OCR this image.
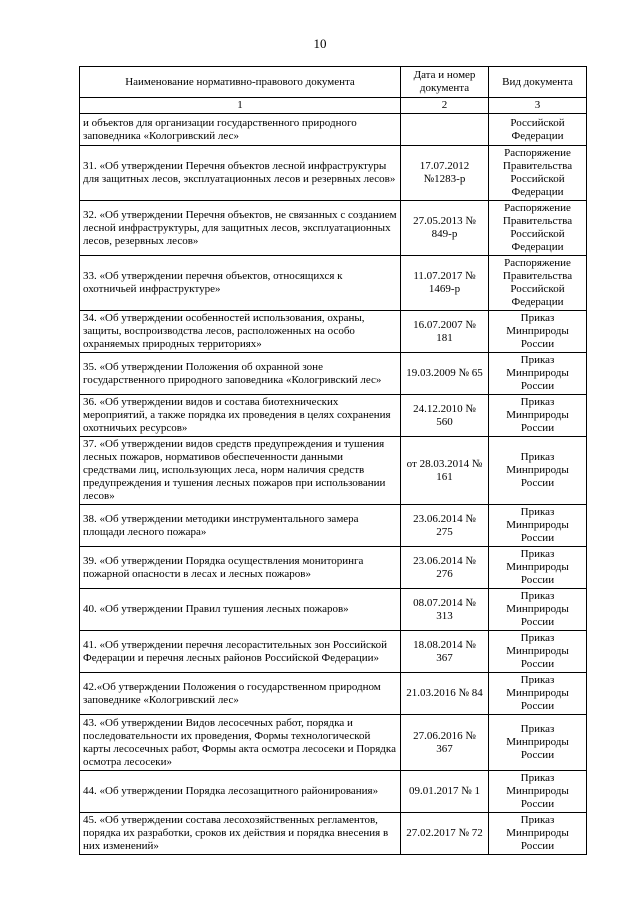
10
Наименование нормативно-правового документа	Дата и номер документа	Вид документа
1	2	3
и объектов для организации государственного природного заповедника «Кологривский лес»		Российской Федерации
31. «Об утверждении Перечня объектов лесной инфраструктуры для защитных лесов, эксплуатационных лесов и резервных лесов»	17.07.2012 №1283-р	Распоряжение Правительства Российской Федерации
32. «Об утверждении Перечня объектов, не связанных с созданием лесной инфраструктуры, для защитных лесов, эксплуатационных лесов, резервных лесов»	27.05.2013 № 849-р	Распоряжение Правительства Российской Федерации
33. «Об утверждении перечня объектов, относящихся к охотничьей инфраструктуре»	11.07.2017 № 1469-р	Распоряжение Правительства Российской Федерации
34. «Об утверждении особенностей использования, охраны, защиты, воспроизводства лесов, расположенных на особо охраняемых природных территориях»	16.07.2007 № 181	Приказ Минприроды России
35. «Об утверждении Положения об охранной зоне государственного природного заповедника «Кологривский лес»	19.03.2009 № 65	Приказ Минприроды России
36. «Об утверждении видов и состава биотехнических мероприятий, а также порядка их проведения в целях сохранения охотничьих ресурсов»	24.12.2010 № 560	Приказ Минприроды России
37. «Об утверждении видов средств предупреждения и тушения лесных пожаров, нормативов обеспеченности данными средствами лиц, использующих леса, норм наличия средств предупреждения и тушения лесных пожаров при использовании лесов»	от 28.03.2014 № 161	Приказ Минприроды России
38. «Об утверждении методики инструментального замера площади лесного пожара»	23.06.2014 № 275	Приказ Минприроды России
39. «Об утверждении Порядка осуществления мониторинга пожарной опасности в лесах и лесных пожаров»	23.06.2014 № 276	Приказ Минприроды России
40. «Об утверждении Правил тушения лесных пожаров»	08.07.2014 № 313	Приказ Минприроды России
41. «Об утверждении перечня лесорастительных зон Российской Федерации и перечня лесных районов Российской Федерации»	18.08.2014 № 367	Приказ Минприроды России
42.«Об утверждении Положения о государственном природном заповеднике «Кологривский лес»	21.03.2016 № 84	Приказ Минприроды России
43. «Об утверждении Видов лесосечных работ, порядка и последовательности их проведения, Формы технологической карты лесосечных работ, Формы акта осмотра лесосеки и Порядка осмотра лесосеки»	27.06.2016 № 367	Приказ Минприроды России
44. «Об утверждении Порядка лесозащитного районирования»	09.01.2017 № 1	Приказ Минприроды России
45. «Об утверждении состава лесохозяйственных регламентов, порядка их разработки, сроков их действия и порядка внесения в них изменений»	27.02.2017 № 72	Приказ Минприроды России
